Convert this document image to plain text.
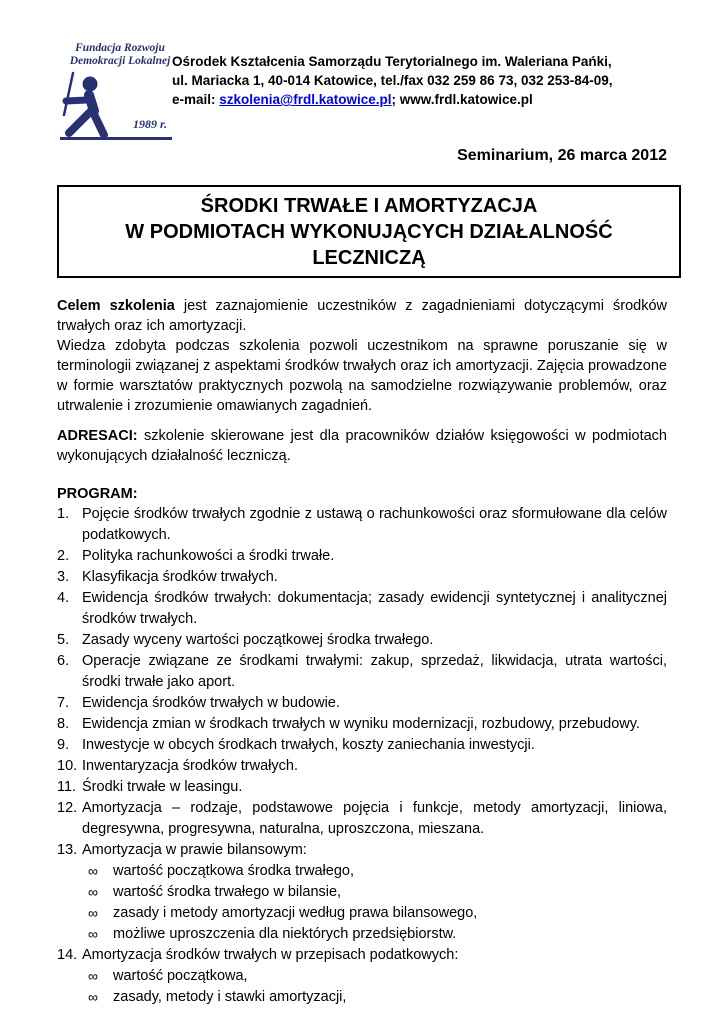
Fundacja Rozwoju
Demokracji Lokalnej
1989 r.
Ośrodek Kształcenia Samorządu Terytorialnego im. Waleriana Pańki,
ul. Mariacka 1, 40-014 Katowice, tel./fax 032 259 86 73, 032 253-84-09,
e-mail: szkolenia@frdl.katowice.pl; www.frdl.katowice.pl
Seminarium, 26 marca 2012
ŚRODKI TRWAŁE I AMORTYZACJA
W PODMIOTACH WYKONUJĄCYCH DZIAŁALNOŚĆ
LECZNICZĄ

Celem szkolenia jest zaznajomienie uczestników z zagadnieniami dotyczącymi środków trwałych oraz ich amortyzacji.

Wiedza zdobyta podczas szkolenia pozwoli uczestnikom na sprawne poruszanie się w terminologii związanej z aspektami środków trwałych oraz ich amortyzacji. Zajęcia prowadzone w formie warsztatów praktycznych pozwolą na samodzielne rozwiązywanie problemów, oraz utrwalenie i zrozumienie omawianych zagadnień.

ADRESACI: szkolenie skierowane jest dla pracowników działów księgowości w podmiotach wykonujących działalność leczniczą.

PROGRAM:

1. Pojęcie środków trwałych zgodnie z ustawą o rachunkowości oraz sformułowane dla celów podatkowych.
2. Polityka rachunkowości a środki trwałe.
3. Klasyfikacja środków trwałych.
4. Ewidencja środków trwałych: dokumentacja; zasady ewidencji syntetycznej i analitycznej środków trwałych.
5. Zasady wyceny wartości początkowej środka trwałego.
6. Operacje związane ze środkami trwałymi: zakup, sprzedaż, likwidacja, utrata wartości, środki trwałe jako aport.
7. Ewidencja środków trwałych w budowie.
8. Ewidencja zmian w środkach trwałych w wyniku modernizacji, rozbudowy, przebudowy.
9. Inwestycje w obcych środkach trwałych, koszty zaniechania inwestycji.
10. Inwentaryzacja środków trwałych.
11. Środki trwałe w leasingu.
12. Amortyzacja – rodzaje, podstawowe pojęcia i funkcje, metody amortyzacji, liniowa, degresywna, progresywna, naturalna, uproszczona, mieszana.
13. Amortyzacja w prawie bilansowym:
∞ wartość początkowa środka trwałego,
∞ wartość środka trwałego w bilansie,
∞ zasady i metody amortyzacji według prawa bilansowego,
∞ możliwe uproszczenia dla niektórych przedsiębiorstw.
14. Amortyzacja środków trwałych w przepisach podatkowych:
∞ wartość początkowa,
∞ zasady, metody i stawki amortyzacji,
